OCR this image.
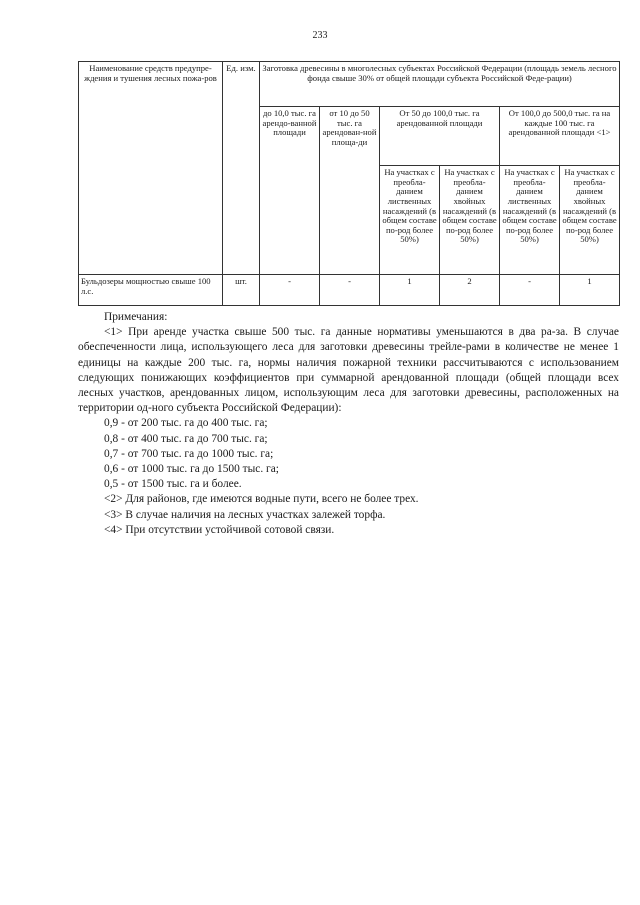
233
Наименование средств предупре-ждения и тушения лесных пожа-ров	Ед. изм.	Заготовка древесины в многолесных субъектах Российской Федерации (площадь земель лесного фонда свыше 30% от общей площади субъекта Российской Феде-рации)					
		до 10,0 тыс. га арендо-ванной площади	от 10 до 50 тыс. га арендован-ной площа-ди	От 50 до 100,0 тыс. га арендованной площади		От 100,0 до 500,0 тыс. га на каждые 100 тыс. га арендованной площади <1>	
				На участках с преобла-данием лиственных насаждений (в общем составе по-род более 50%)	На участках с преобла-данием хвойных насаждений (в общем составе по-род более 50%)	На участках с преобла-данием лиственных насаждений (в общем составе по-род более 50%)	На участках с преобла-данием хвойных насаждений (в общем составе по-род более 50%)
Бульдозеры мощностью свыше 100 л.с.	шт.	-	-	1	2	-	1

Примечания:

<1> При аренде участка свыше 500 тыс. га данные нормативы уменьшаются в два ра-за. В случае обеспеченности лица, использующего леса для заготовки древесины трейле-рами в количестве не менее 1 единицы на каждые 200 тыс. га, нормы наличия пожарной техники рассчитываются с использованием следующих понижающих коэффициентов при суммарной арендованной площади (общей площади всех лесных участков, арендованных лицом, использующим леса для заготовки древесины, расположенных на территории од-ного субъекта Российской Федерации):

0,9 - от 200 тыс. га до 400 тыс. га;

0,8 - от 400 тыс. га до 700 тыс. га;

0,7 - от 700 тыс. га до 1000 тыс. га;

0,6 - от 1000 тыс. га до 1500 тыс. га;

0,5 - от 1500 тыс. га и более.

<2> Для районов, где имеются водные пути, всего не более трех.

<3> В случае наличия на лесных участках залежей торфа.

<4> При отсутствии устойчивой сотовой связи.
